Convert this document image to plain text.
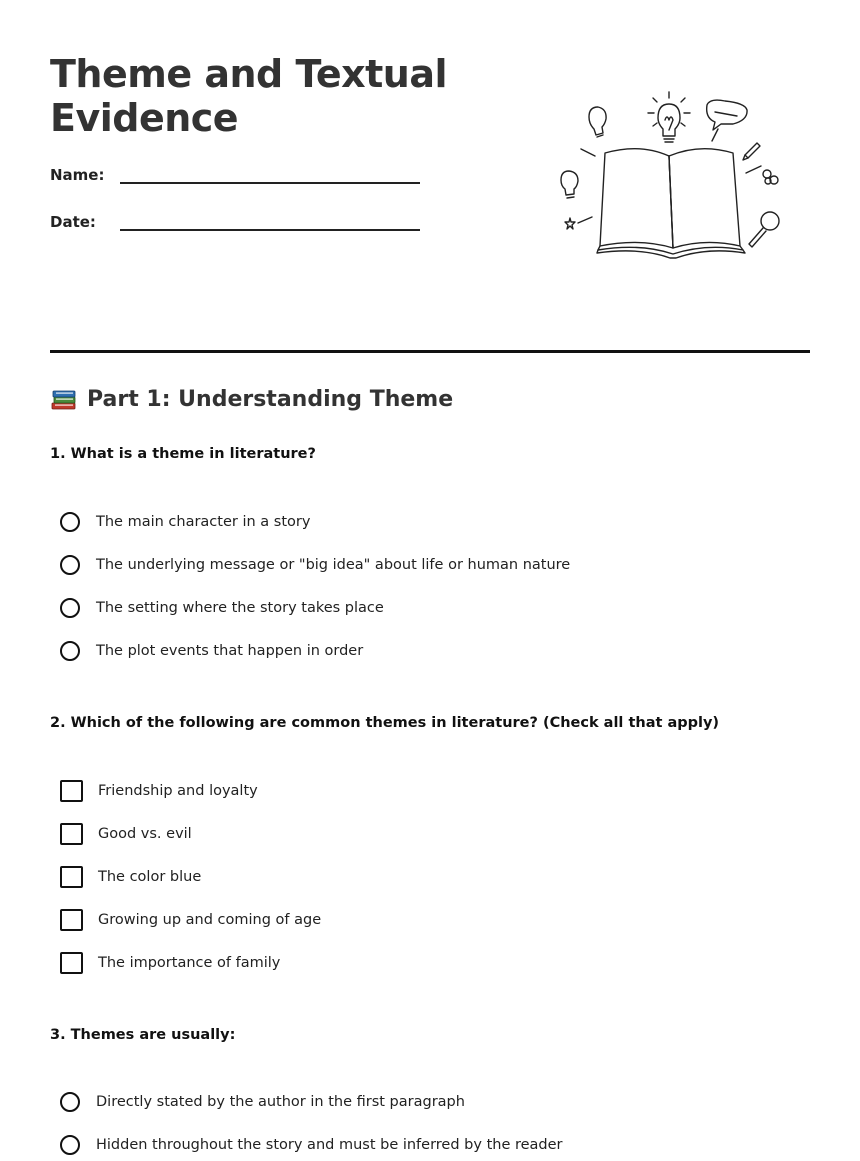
Theme and Textual Evidence
Name:
Date:
Part 1: Understanding Theme
1. What is a theme in literature?
The main character in a story
The underlying message or "big idea" about life or human nature
The setting where the story takes place
The plot events that happen in order
2. Which of the following are common themes in literature? (Check all that apply)
Friendship and loyalty
Good vs. evil
The color blue
Growing up and coming of age
The importance of family
3. Themes are usually:
Directly stated by the author in the first paragraph
Hidden throughout the story and must be inferred by the reader
